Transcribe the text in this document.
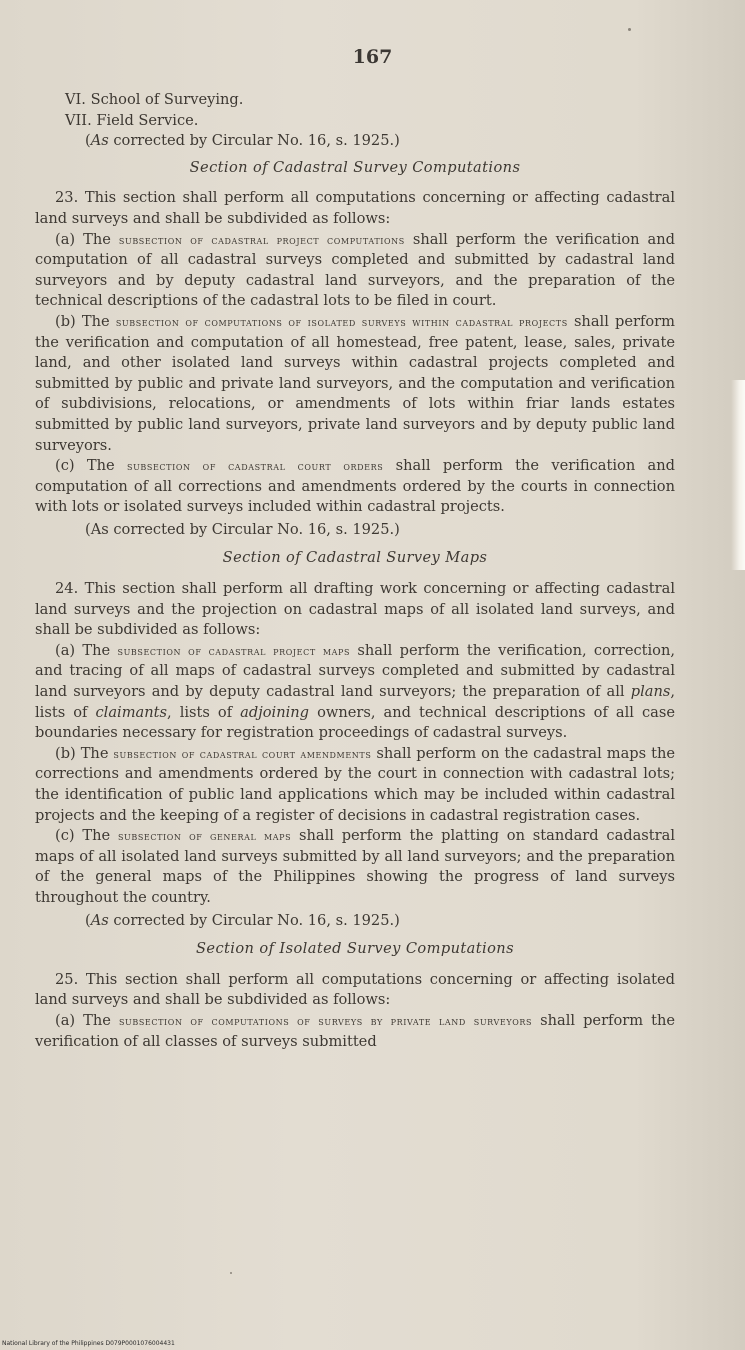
167

VI. School of Surveying.

VII. Field Service.

(As corrected by Circular No. 16, s. 1925.)

Section of Cadastral Survey Computations

23. This section shall perform all computations concerning or affecting cadastral land surveys and shall be subdivided as follows:

(a) The subsection of cadastral project computations shall perform the verification and computation of all cadastral surveys completed and submitted by cadastral land surveyors and by deputy cadastral land surveyors, and the preparation of the technical descriptions of the cadastral lots to be filed in court.

(b) The subsection of computations of isolated surveys within cadastral projects shall perform the verification and computation of all homestead, free patent, lease, sales, private land, and other isolated land surveys within cadastral projects completed and submitted by public and private land surveyors, and the computation and verification of subdivisions, relocations, or amendments of lots within friar lands estates submitted by public land surveyors, private land surveyors and by deputy public land surveyors.

(c) The subsection of cadastral court orders shall perform the verification and computation of all corrections and amendments ordered by the courts in connection with lots or isolated surveys included within cadastral projects.

(As corrected by Circular No. 16, s. 1925.)

Section of Cadastral Survey Maps

24. This section shall perform all drafting work concerning or affecting cadastral land surveys and the projection on cadastral maps of all isolated land surveys, and shall be subdivided as follows:

(a) The subsection of cadastral project maps shall perform the verification, correction, and tracing of all maps of cadastral surveys completed and submitted by cadastral land surveyors and by deputy cadastral land surveyors; the preparation of all plans, lists of claimants, lists of adjoining owners, and technical descriptions of all case boundaries necessary for registration proceedings of cadastral surveys.

(b) The subsection of cadastral court amendments shall perform on the cadastral maps the corrections and amendments ordered by the court in connection with cadastral lots; the identification of public land applications which may be included within cadastral projects and the keeping of a register of decisions in cadastral registration cases.

(c) The subsection of general maps shall perform the platting on standard cadastral maps of all isolated land surveys submitted by all land surveyors; and the preparation of the general maps of the Philippines showing the progress of land surveys throughout the country.

(As corrected by Circular No. 16, s. 1925.)

Section of Isolated Survey Computations

25. This section shall perform all computations concerning or affecting isolated land surveys and shall be subdivided as follows:

(a) The subsection of computations of surveys by private land surveyors shall perform the verification of all classes of surveys submitted

National Library of the Philippines D079P0001076004431
